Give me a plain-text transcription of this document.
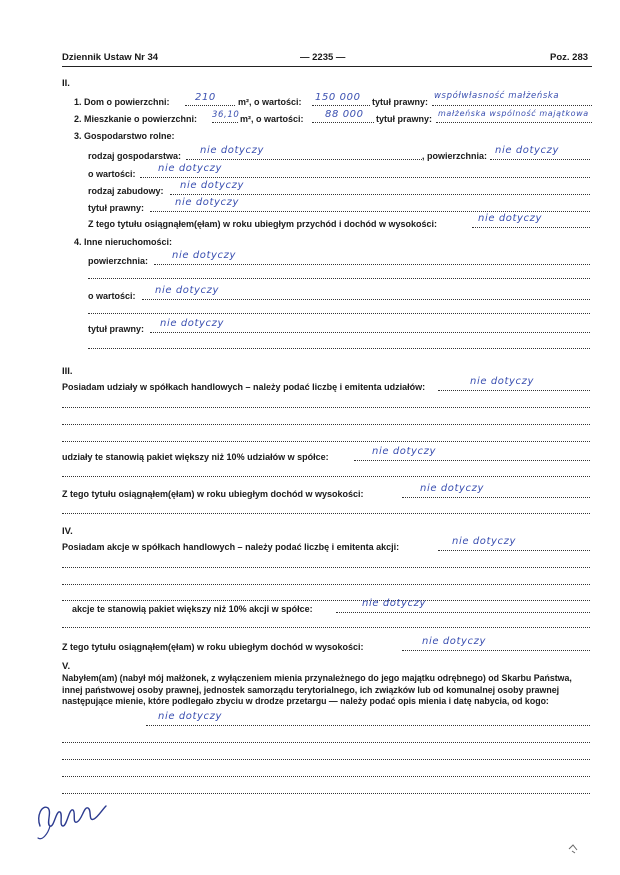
Dziennik Ustaw Nr 34	— 2235 —	Poz. 283
II.
1. Dom o powierzchni:	210 m², o wartości: 150 000 tytuł prawny:
współwłasność małżeńska
2. Mieszkanie o powierzchni: 36,10 m², o wartości: 88 000 tytuł prawny:
małżeńska wspólność majątkowa
3. Gospodarstwo rolne:
rodzaj gospodarstwa: nie dotyczy	, powierzchnia: nie dotyczy
o wartości: nie dotyczy
rodzaj zabudowy: nie dotyczy
tytuł prawny:	nie dotyczy
Z tego tytułu osiągnąłem(ęłam) w roku ubiegłym przychód i dochód w wysokości:	nie dotyczy
4. Inne nieruchomości:
powierzchnia: nie dotyczy
o wartości: nie dotyczy
tytuł prawny: nie dotyczy
III.
Posiadam udziały w spółkach handlowych – należy podać liczbę i emitenta udziałów:	nie dotyczy
udziały te stanowią pakiet większy niż 10% udziałów w spółce:	nie dotyczy
Z tego tytułu osiągnąłem(ęłam) w roku ubiegłym dochód w wysokości:	nie dotyczy
IV.
Posiadam akcje w spółkach handlowych – należy podać liczbę i emitenta akcji:	nie dotyczy
akcje te stanowią pakiet większy niż 10% akcji w spółce:	nie dotyczy
Z tego tytułu osiągnąłem(ęłam) w roku ubiegłym dochód w wysokości:	nie dotyczy
V.
Nabyłem(am) (nabył mój małżonek, z wyłączeniem mienia przynależnego do jego majątku odrębnego) od Skarbu Państwa, innej państwowej osoby prawnej, jednostek samorządu terytorialnego, ich związków lub od komunalnej osoby prawnej następujące mienie, które podlegało zbyciu w drodze przetargu — należy podać opis mienia i datę nabycia, od kogo:
nie dotyczy
